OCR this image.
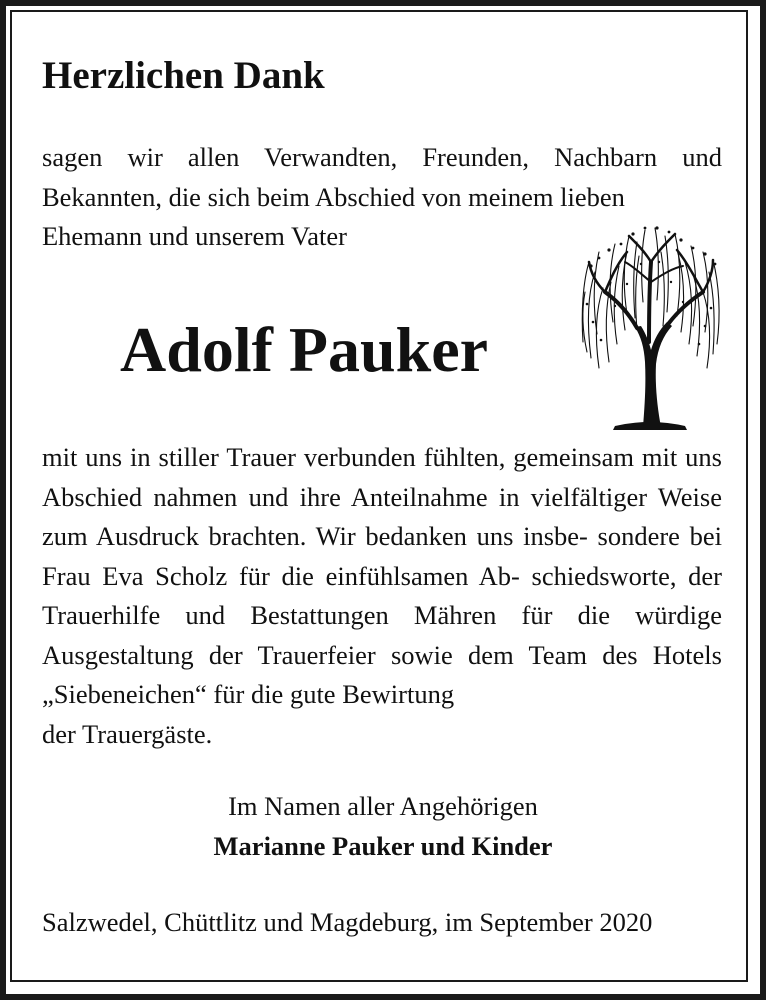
Herzlichen Dank

sagen wir allen Verwandten, Freunden, Nachbarn und Bekannten, die sich beim Abschied von meinem lieben
Ehemann und unserem Vater

Adolf Pauker

mit uns in stiller Trauer verbunden fühlten, gemeinsam mit uns Abschied nahmen und ihre Anteilnahme in vielfältiger Weise zum Ausdruck brachten. Wir bedanken uns insbe- sondere bei Frau Eva Scholz für die einfühlsamen Ab- schiedsworte, der Trauerhilfe und Bestattungen Mähren für die würdige Ausgestaltung der Trauerfeier sowie dem Team des Hotels „Siebeneichen“ für die gute Bewirtung
der Trauergäste.

Im Namen aller Angehörigen

Marianne Pauker und Kinder

Salzwedel, Chüttlitz und Magdeburg, im September 2020
